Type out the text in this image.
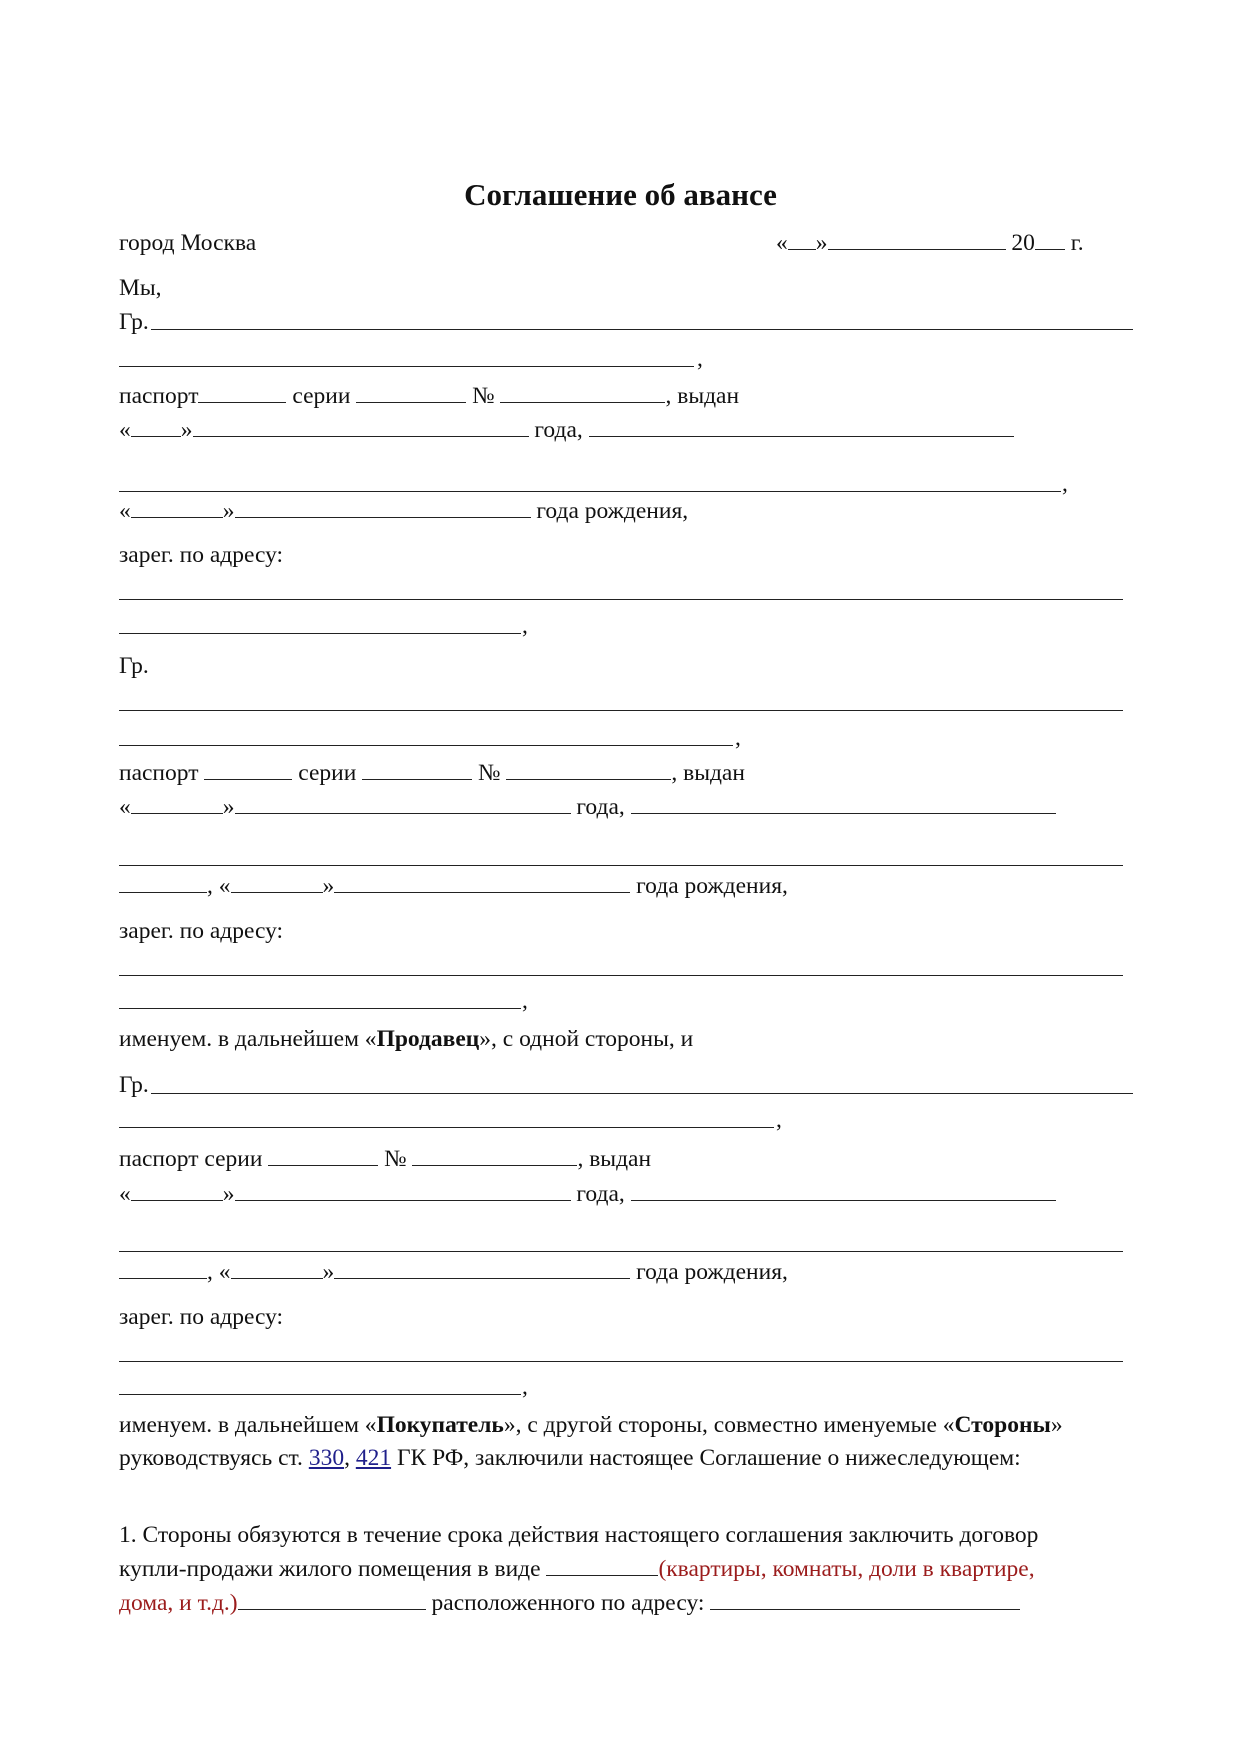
Соглашение об авансе
город Москва	« »	20 г.
Мы,
Гр.
,
паспорт	серии	№	, выдан
« »	года,
,
«	»	года рождения,
зарег. по адресу:
,
Гр.
,
паспорт	серии	№	, выдан
«	»	года,
, «	»	года рождения,
зарег. по адресу:
,
именуем. в дальнейшем «Продавец», с одной стороны, и
Гр.
,
паспорт серии	№	, выдан
«	»	года,
, «	»	года рождения,
зарег. по адресу:
,
именуем. в дальнейшем «Покупатель», с другой стороны, совместно именуемые «Стороны»
руководствуясь ст. 330, 421 ГК РФ, заключили настоящее Соглашение о нижеследующем:
1. Стороны обязуются в течение срока действия настоящего соглашения заключить договор
купли-продажи жилого помещения в виде	(квартиры, комнаты, доли в квартире,
дома, и т.д.)	расположенного по адресу:
